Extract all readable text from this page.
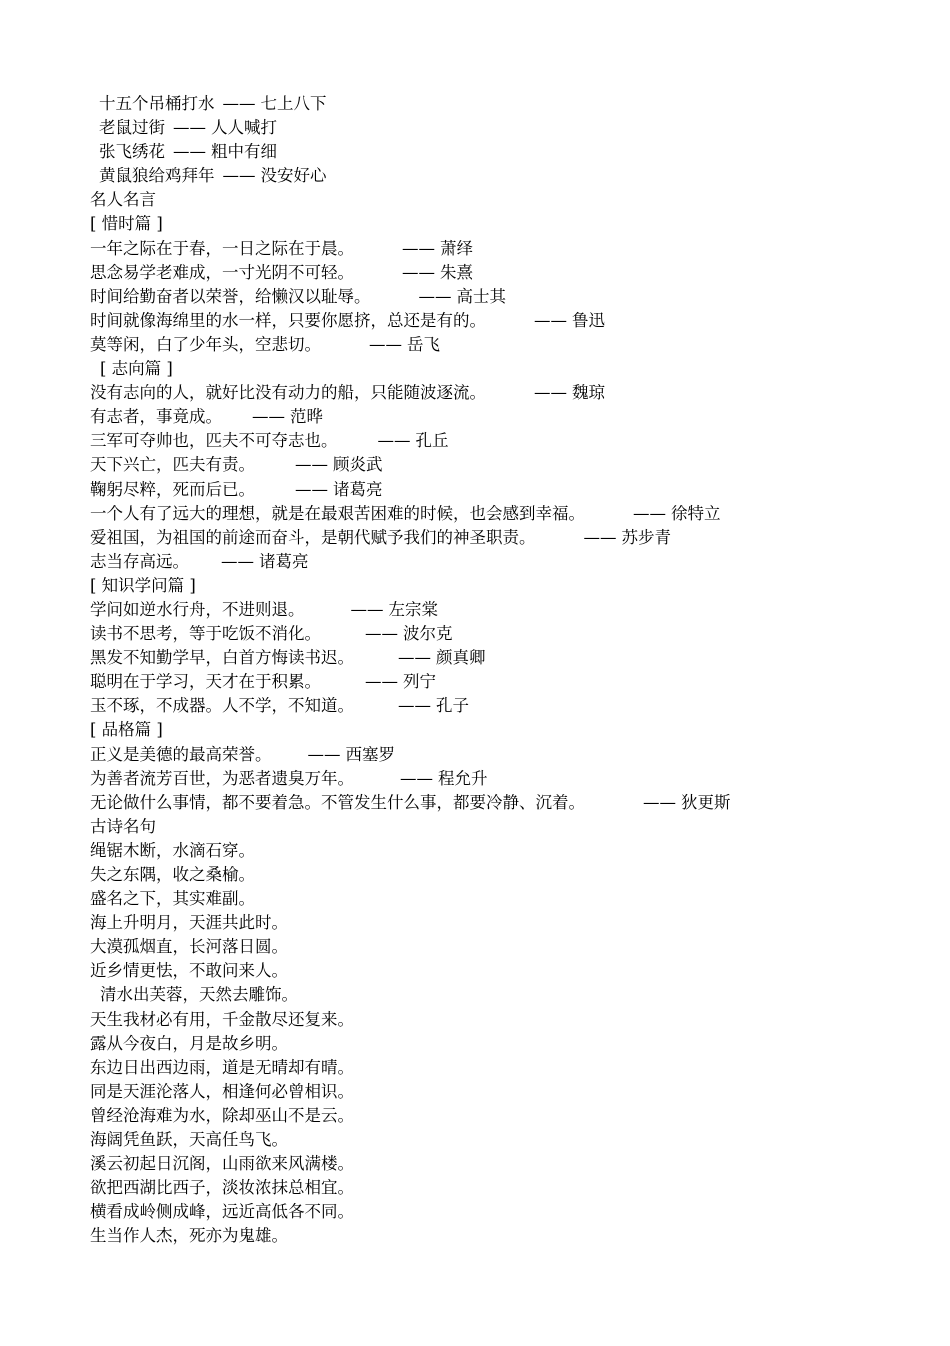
十五个吊桶打水 —— 七上八下
老鼠过街 —— 人人喊打
张飞绣花 —— 粗中有细
黄鼠狼给鸡拜年 —— 没安好心
名人名言
[ 惜时篇 ]
一年之际在于春，一日之际在于晨。	—— 萧绎
思念易学老难成，一寸光阴不可轻。	—— 朱熹
时间给勤奋者以荣誉，给懒汉以耻辱。	—— 高士其
时间就像海绵里的水一样，只要你愿挤，总还是有的。	—— 鲁迅
莫等闲，白了少年头，空悲切。	—— 岳飞
[ 志向篇 ]
没有志向的人，就好比没有动力的船，只能随波逐流。	—— 魏琼
有志者，事竟成。 —— 范晔
三军可夺帅也，匹夫不可夺志也。 —— 孔丘
天下兴亡，匹夫有责。 —— 顾炎武
鞠躬尽粹，死而后已。 —— 诸葛亮
一个人有了远大的理想，就是在最艰苦困难的时候，也会感到幸福。	—— 徐特立
爱祖国，为祖国的前途而奋斗，是朝代赋予我们的神圣职责。	—— 苏步青
志当存高远。 —— 诸葛亮
[ 知识学问篇 ]
学问如逆水行舟，不进则退。	—— 左宗棠
读书不思考，等于吃饭不消化。	—— 波尔克
黑发不知勤学早，白首方悔读书迟。	—— 颜真卿
聪明在于学习，天才在于积累。	—— 列宁
玉不琢，不成器。人不学，不知道。	—— 孔子
[ 品格篇 ]
正义是美德的最高荣誉。 —— 西塞罗
为善者流芳百世，为恶者遗臭万年。	—— 程允升
无论做什么事情，都不要着急。不管发生什么事，都要冷静、沉着。	—— 狄更斯
古诗名句
绳锯木断，水滴石穿。
失之东隅，收之桑榆。
盛名之下，其实难副。
海上升明月，天涯共此时。
大漠孤烟直，长河落日圆。
近乡情更怯，不敢问来人。
清水出芙蓉，天然去雕饰。
天生我材必有用，千金散尽还复来。
露从今夜白，月是故乡明。
东边日出西边雨，道是无晴却有晴。
同是天涯沦落人，相逢何必曾相识。
曾经沧海难为水，除却巫山不是云。
海阔凭鱼跃，天高任鸟飞。
溪云初起日沉阁，山雨欲来风满楼。
欲把西湖比西子，淡妆浓抹总相宜。
横看成岭侧成峰，远近高低各不同。
生当作人杰，死亦为鬼雄。
